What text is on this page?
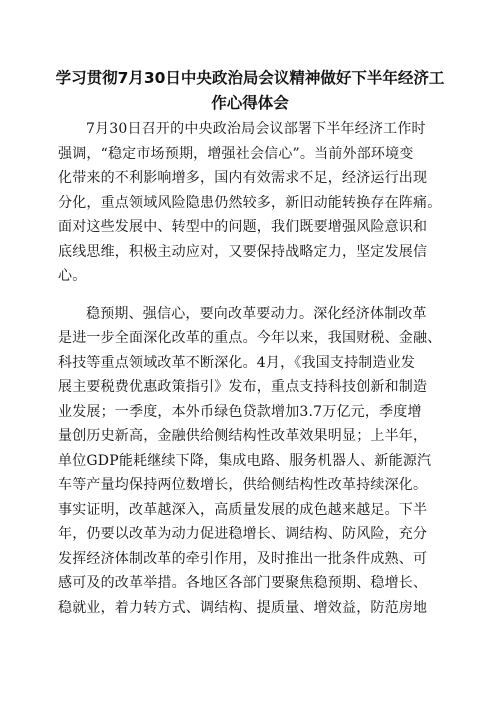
学习贯彻7月30日中央政治局会议精神做好下半年经济工
作心得体会

7月30日召开的中央政治局会议部署下半年经济工作时
强调，“稳定市场预期，增强社会信心”。当前外部环境变
化带来的不利影响增多，国内有效需求不足，经济运行出现
分化，重点领域风险隐患仍然较多，新旧动能转换存在阵痛。
面对这些发展中、转型中的问题，我们既要增强风险意识和
底线思维，积极主动应对，又要保持战略定力，坚定发展信
心。

稳预期、强信心，要向改革要动力。深化经济体制改革
是进一步全面深化改革的重点。今年以来，我国财税、金融、
科技等重点领域改革不断深化。4月，《我国支持制造业发
展主要税费优惠政策指引》发布，重点支持科技创新和制造
业发展；一季度，本外币绿色贷款增加3.7万亿元，季度增
量创历史新高，金融供给侧结构性改革效果明显；上半年，
单位GDP能耗继续下降，集成电路、服务机器人、新能源汽
车等产量均保持两位数增长，供给侧结构性改革持续深化。
事实证明，改革越深入，高质量发展的成色越来越足。下半
年，仍要以改革为动力促进稳增长、调结构、防风险，充分
发挥经济体制改革的牵引作用，及时推出一批条件成熟、可
感可及的改革举措。各地区各部门要聚焦稳预期、稳增长、
稳就业，着力转方式、调结构、提质量、增效益，防范房地
